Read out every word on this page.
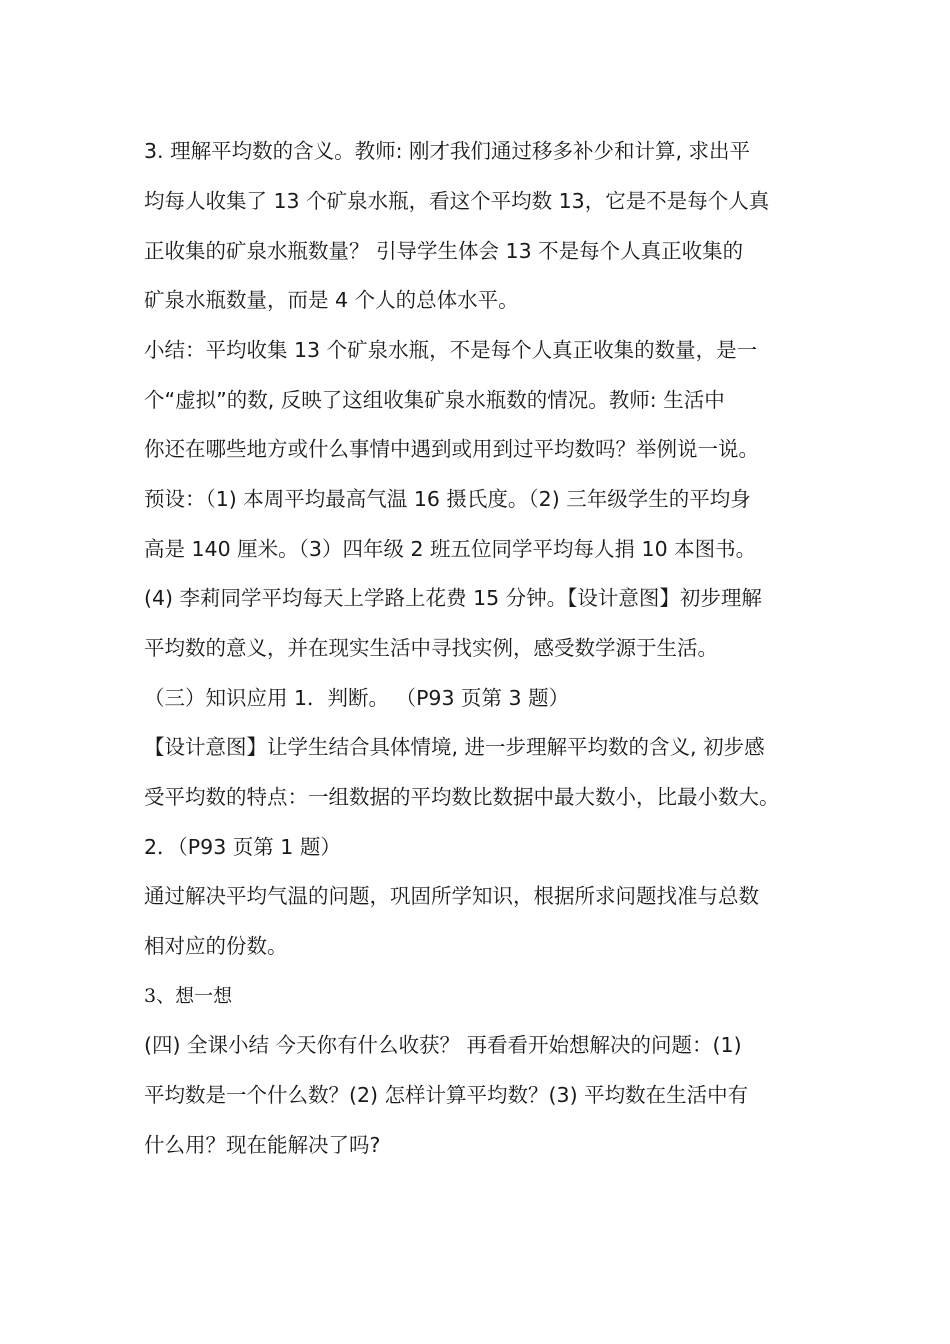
3. 理解平均数的含义。教师: 刚才我们通过移多补少和计算, 求出平
均每人收集了 13 个矿泉水瓶，看这个平均数 13，它是不是每个人真
正收集的矿泉水瓶数量？ 引导学生体会 13 不是每个人真正收集的
矿泉水瓶数量，而是 4 个人的总体水平。
小结：平均收集 13 个矿泉水瓶，不是每个人真正收集的数量，是一
个“虚拟”的数, 反映了这组收集矿泉水瓶数的情况。教师: 生活中
你还在哪些地方或什么事情中遇到或用到过平均数吗？举例说一说。
预设：（1) 本周平均最高气温 16 摄氏度。（2) 三年级学生的平均身
高是 140 厘米。（3）四年级 2 班五位同学平均每人捐 10 本图书。
(4) 李莉同学平均每天上学路上花费 15 分钟。【设计意图】初步理解
平均数的意义，并在现实生活中寻找实例，感受数学源于生活。
（三）知识应用 1．判断。 （P93 页第 3 题）
【设计意图】让学生结合具体情境, 进一步理解平均数的含义, 初步感
受平均数的特点：一组数据的平均数比数据中最大数小，比最小数大。
2．（P93 页第 1 题）
通过解决平均气温的问题，巩固所学知识，根据所求问题找准与总数
相对应的份数。
3、想一想
(四) 全课小结 今天你有什么收获？ 再看看开始想解决的问题：(1)
平均数是一个什么数？(2) 怎样计算平均数？(3) 平均数在生活中有
什么用？现在能解决了吗?
